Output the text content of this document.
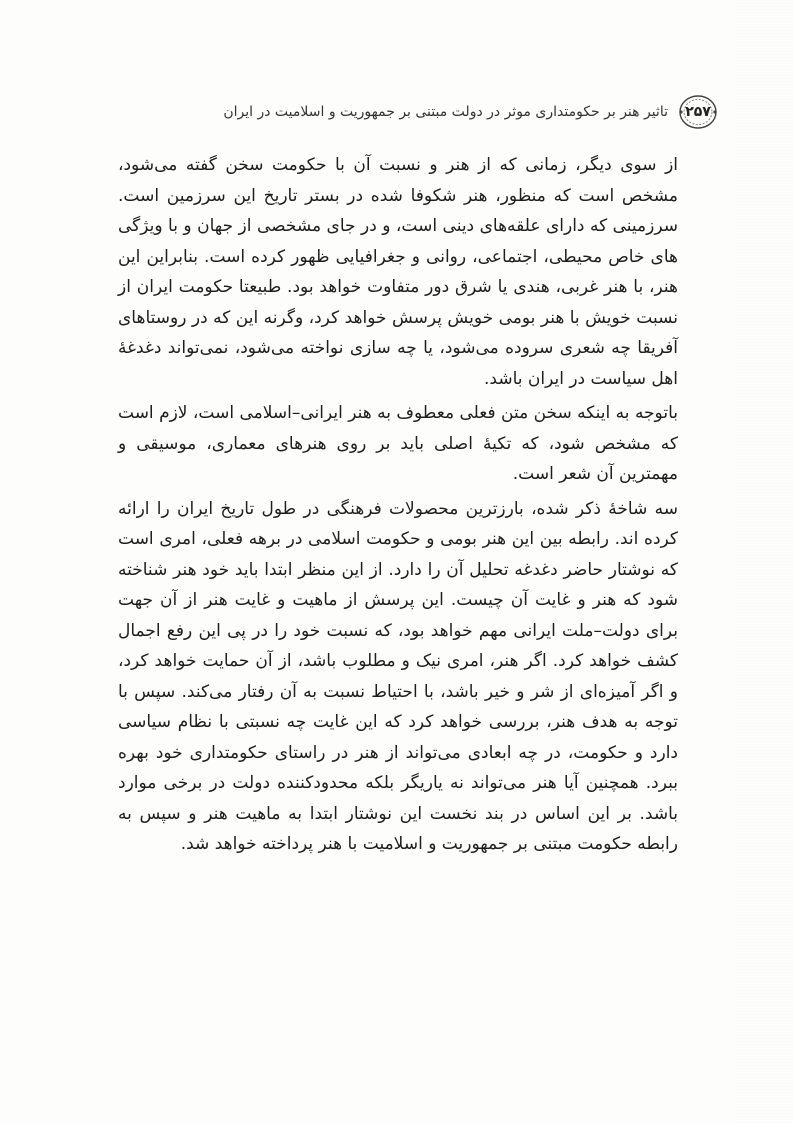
۲۵۷
تاثیر هنر بر حکومتداری موثر در دولت مبتنی بر جمهوریت و اسلامیت در ایران

از سوی دیگر، زمانی که از هنر و نسبت آن با حکومت سخن گفته می‌شود، مشخص است که منظور، هنر شکوفا شده در بستر تاریخ این سرزمین است. سرزمینی که دارای علقه‌های دینی است، و در جای مشخصی از جهان و با ویژگی های خاص محیطی، اجتماعی، روانی و جغرافیایی ظهور کرده است. بنابراین این هنر، با هنر غربی، هندی یا شرق دور متفاوت خواهد بود. طبیعتا حکومت ایران از نسبت خویش با هنر بومی خویش پرسش خواهد کرد، وگرنه این که در روستاهای آفریقا چه شعری سروده می‌شود، یا چه سازی نواخته می‌شود، نمی‌تواند دغدغهٔ اهل سیاست در ایران باشد.

باتوجه به اینکه سخن متن فعلی معطوف به هنر ایرانی–اسلامی است، لازم است که مشخص شود، که تکیهٔ اصلی باید بر روی هنرهای معماری، موسیقی و مهمترین آن شعر است.

سه شاخهٔ ذکر شده، بارزترین محصولات فرهنگی در طول تاریخ ایران را ارائه کرده اند. رابطه بین این هنر بومی و حکومت اسلامی در برهه فعلی، امری است که نوشتار حاضر دغدغه تحلیل آن را دارد. از این منظر ابتدا باید خود هنر شناخته شود که هنر و غایت آن چیست. این پرسش از ماهیت و غایت هنر از آن جهت برای دولت–ملت ایرانی مهم خواهد بود، که نسبت خود را در پی این رفع اجمال کشف خواهد کرد. اگر هنر، امری نیک و مطلوب باشد، از آن حمایت خواهد کرد، و اگر آمیزه‌ای از شر و خیر باشد، با احتیاط نسبت به آن رفتار می‌کند. سپس با توجه به هدف هنر، بررسی خواهد کرد که این غایت چه نسبتی با نظام سیاسی دارد و حکومت، در چه ابعادی می‌تواند از هنر در راستای حکومتداری خود بهره ببرد. همچنین آیا هنر می‌تواند نه یاریگر بلکه محدودکننده دولت در برخی موارد باشد. بر این اساس در بند نخست این نوشتار ابتدا به ماهیت هنر و سپس به رابطه حکومت مبتنی بر جمهوریت و اسلامیت با هنر پرداخته خواهد شد.
